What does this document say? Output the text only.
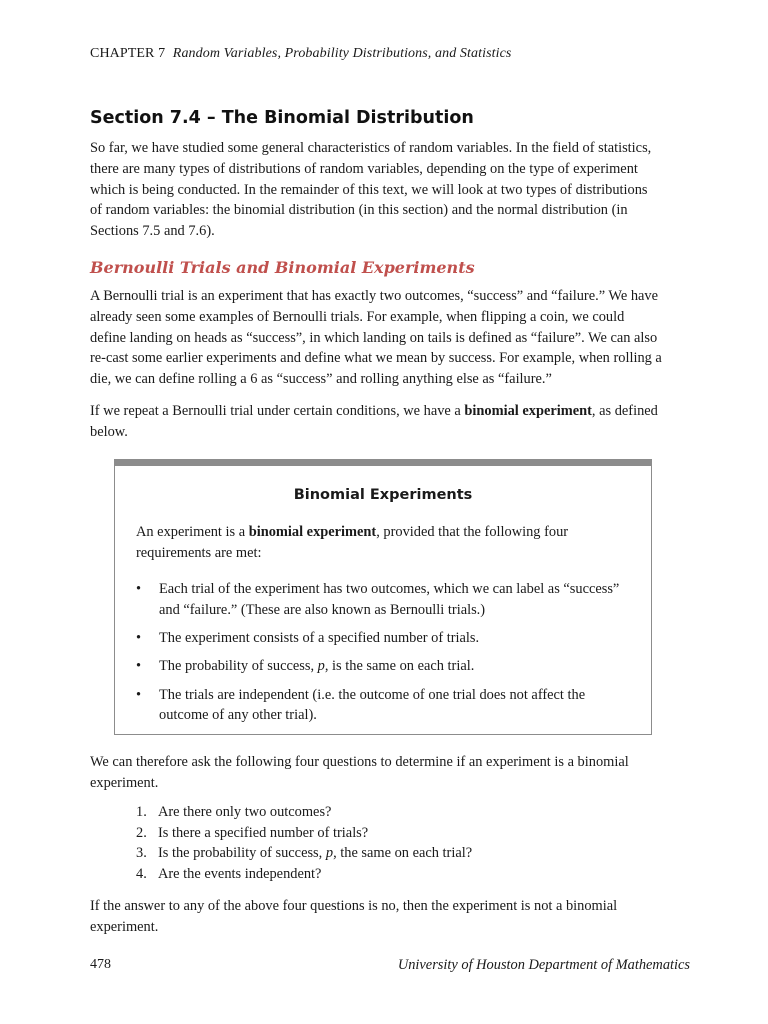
CHAPTER 7 Random Variables, Probability Distributions, and Statistics
Section 7.4 – The Binomial Distribution

So far, we have studied some general characteristics of random variables. In the field of statistics, there are many types of distributions of random variables, depending on the type of experiment which is being conducted. In the remainder of this text, we will look at two types of distributions of random variables: the binomial distribution (in this section) and the normal distribution (in Sections 7.5 and 7.6).

Bernoulli Trials and Binomial Experiments

A Bernoulli trial is an experiment that has exactly two outcomes, “success” and “failure.” We have already seen some examples of Bernoulli trials. For example, when flipping a coin, we could define landing on heads as “success”, in which landing on tails is defined as “failure”. We can also re-cast some earlier experiments and define what we mean by success. For example, when rolling a die, we can define rolling a 6 as “success” and rolling anything else as “failure.”

If we repeat a Bernoulli trial under certain conditions, we have a binomial experiment, as defined below.

Binomial Experiments

An experiment is a binomial experiment, provided that the following four requirements are met:

• Each trial of the experiment has two outcomes, which we can label as “success” and “failure.” (These are also known as Bernoulli trials.)
• The experiment consists of a specified number of trials.
• The probability of success, p, is the same on each trial.
• The trials are independent (i.e. the outcome of one trial does not affect the outcome of any other trial).

We can therefore ask the following four questions to determine if an experiment is a binomial experiment.

1. Are there only two outcomes?
2. Is there a specified number of trials?
3. Is the probability of success, p, the same on each trial?
4. Are the events independent?

If the answer to any of the above four questions is no, then the experiment is not a binomial experiment.

478	University of Houston Department of Mathematics
